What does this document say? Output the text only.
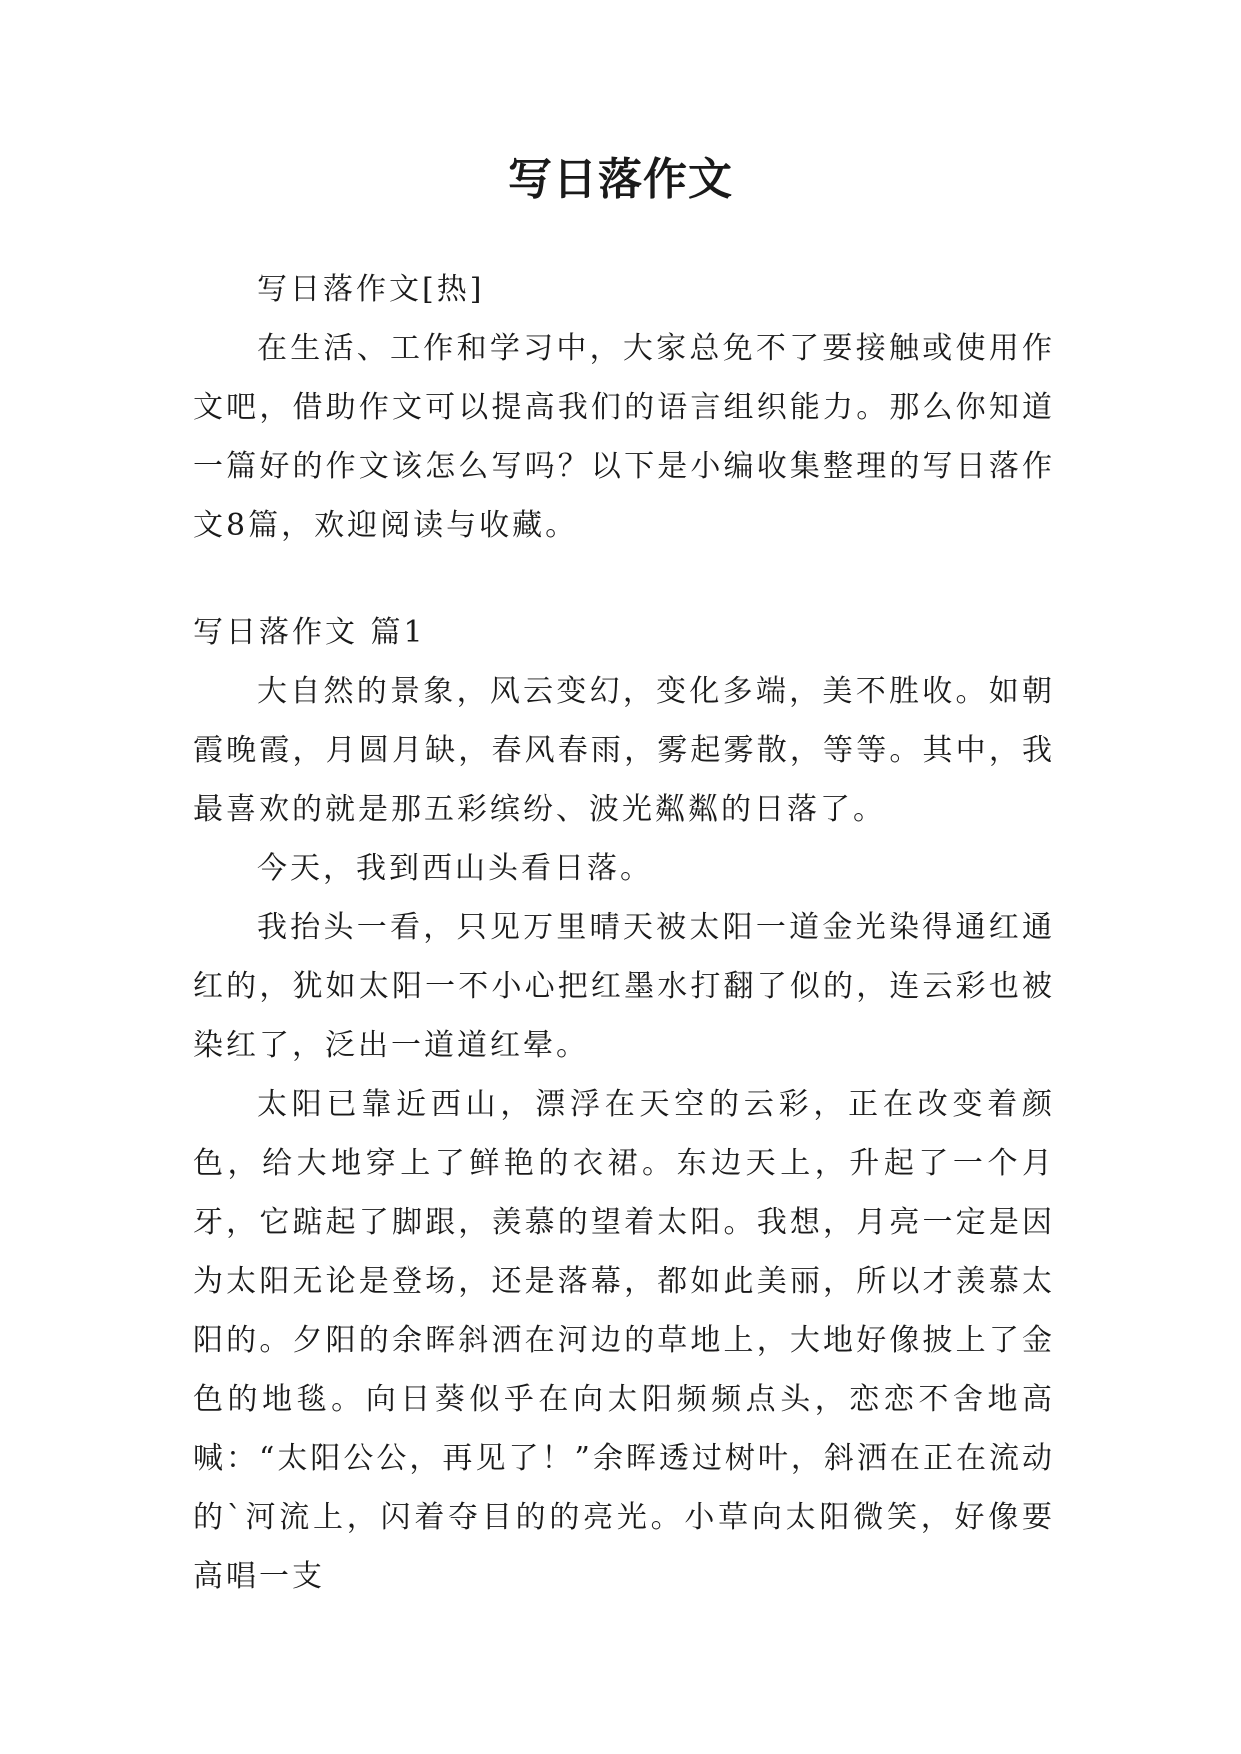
写日落作文

写日落作文[热]

在生活、工作和学习中，大家总免不了要接触或使用作文吧，借助作文可以提高我们的语言组织能力。那么你知道一篇好的作文该怎么写吗？以下是小编收集整理的写日落作文8篇，欢迎阅读与收藏。

写日落作文 篇1

大自然的景象，风云变幻，变化多端，美不胜收。如朝霞晚霞，月圆月缺，春风春雨，雾起雾散，等等。其中，我最喜欢的就是那五彩缤纷、波光粼粼的日落了。

今天，我到西山头看日落。

我抬头一看，只见万里晴天被太阳一道金光染得通红通红的，犹如太阳一不小心把红墨水打翻了似的，连云彩也被染红了，泛出一道道红晕。

太阳已靠近西山，漂浮在天空的云彩，正在改变着颜色，给大地穿上了鲜艳的衣裙。东边天上，升起了一个月牙，它踮起了脚跟，羡慕的望着太阳。我想，月亮一定是因为太阳无论是登场，还是落幕，都如此美丽，所以才羡慕太阳的。夕阳的余晖斜洒在河边的草地上，大地好像披上了金色的地毯。向日葵似乎在向太阳频频点头，恋恋不舍地高喊：“太阳公公，再见了！”余晖透过树叶，斜洒在正在流动的`河流上，闪着夺目的的亮光。小草向太阳微笑，好像要高唱一支
